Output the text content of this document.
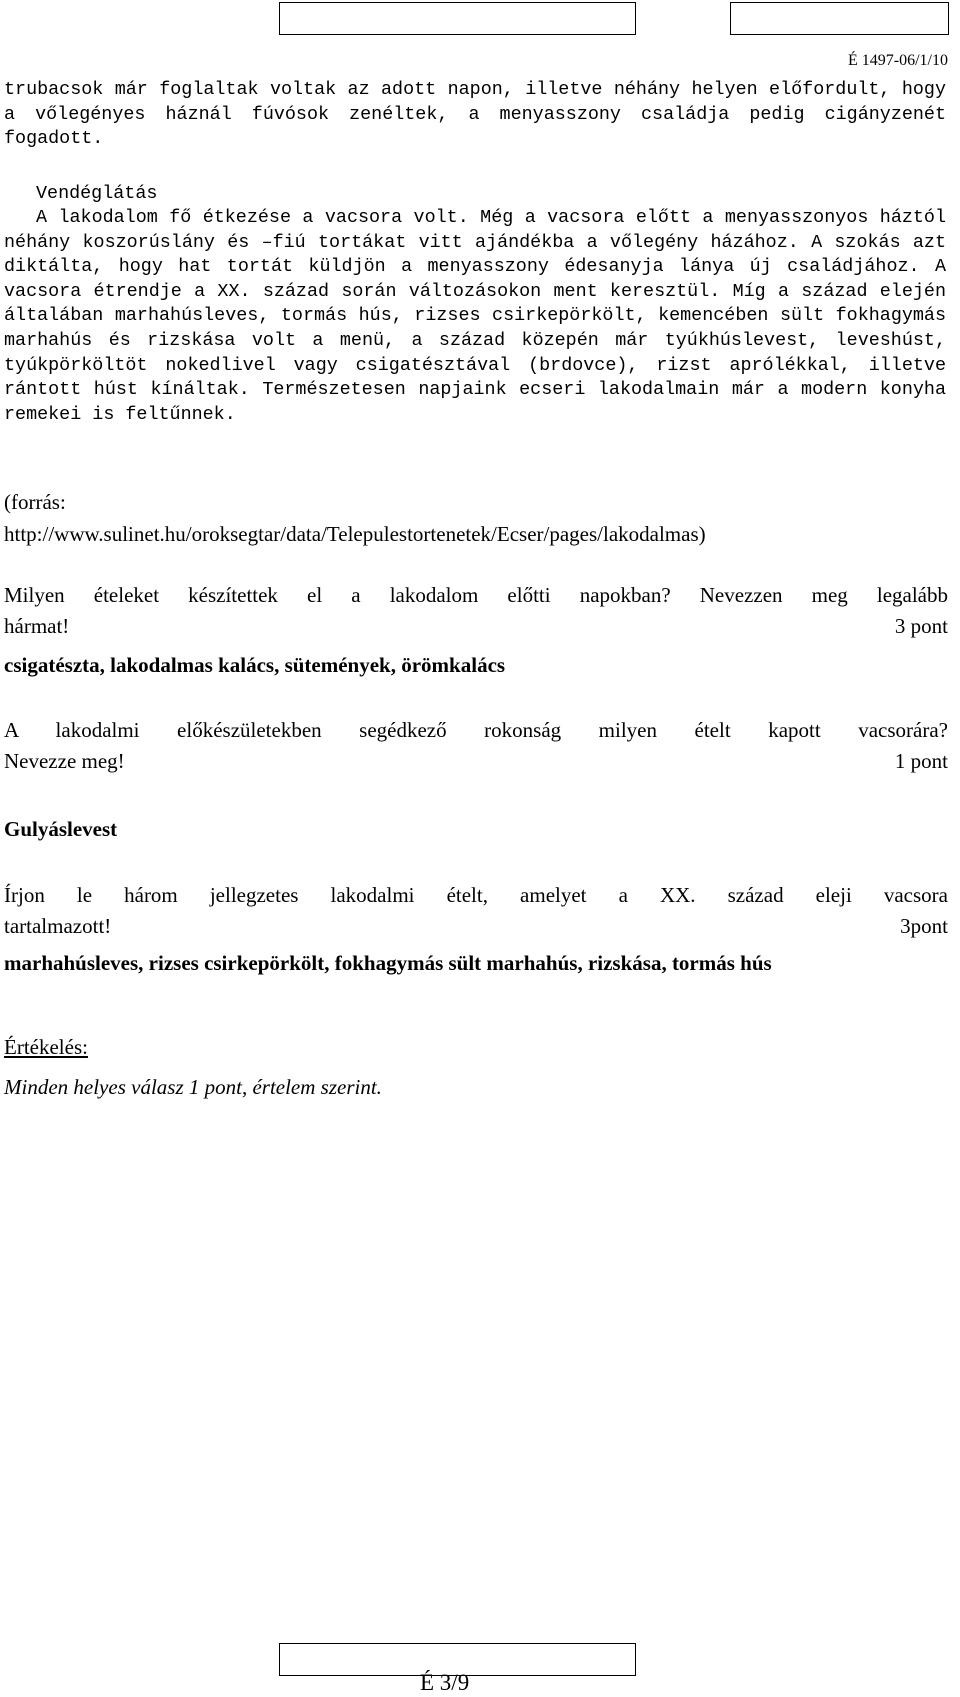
É 1497-06/1/10

trubacsok már foglaltak voltak az adott napon, illetve néhány helyen előfordult, hogy a vőlegényes háznál fúvósok zenéltek, a menyasszony családja pedig cigányzenét fogadott.

Vendéglátás

A lakodalom fő étkezése a vacsora volt. Még a vacsora előtt a menyasszonyos háztól néhány koszorúslány és –fiú tortákat vitt ajándékba a vőlegény házához. A szokás azt diktálta, hogy hat tortát küldjön a menyasszony édesanyja lánya új családjához. A vacsora étrendje a XX. század során változásokon ment keresztül. Míg a század elején általában marhahúsleves, tormás hús, rizses csirkepörkölt, kemencében sült fokhagymás marhahús és rizskása volt a menü, a század közepén már tyúkhúslevest, leveshúst, tyúkpörköltöt nokedlivel vagy csigatésztával (brdovce), rizst aprólékkal, illetve rántott húst kínáltak. Természetesen napjaink ecseri lakodalmain már a modern konyha remekei is feltűnnek.

(forrás:
http://www.sulinet.hu/oroksegtar/data/Telepulestortenetek/Ecser/pages/lakodalmas)
Milyen ételeket készítettek el a lakodalom előtti napokban? Nevezzen meg legalább
hármat!	3 pont
csigatészta, lakodalmas kalács, sütemények, örömkalács
A lakodalmi előkészületekben segédkező rokonság milyen ételt kapott vacsorára?
Nevezze meg!	1 pont
Gulyáslevest
Írjon le három jellegzetes lakodalmi ételt, amelyet a XX. század eleji vacsora
tartalmazott!	3pont
marhahúsleves, rizses csirkepörkölt, fokhagymás sült marhahús, rizskása, tormás hús
Értékelés:
Minden helyes válasz 1 pont, értelem szerint.
É 3/9
